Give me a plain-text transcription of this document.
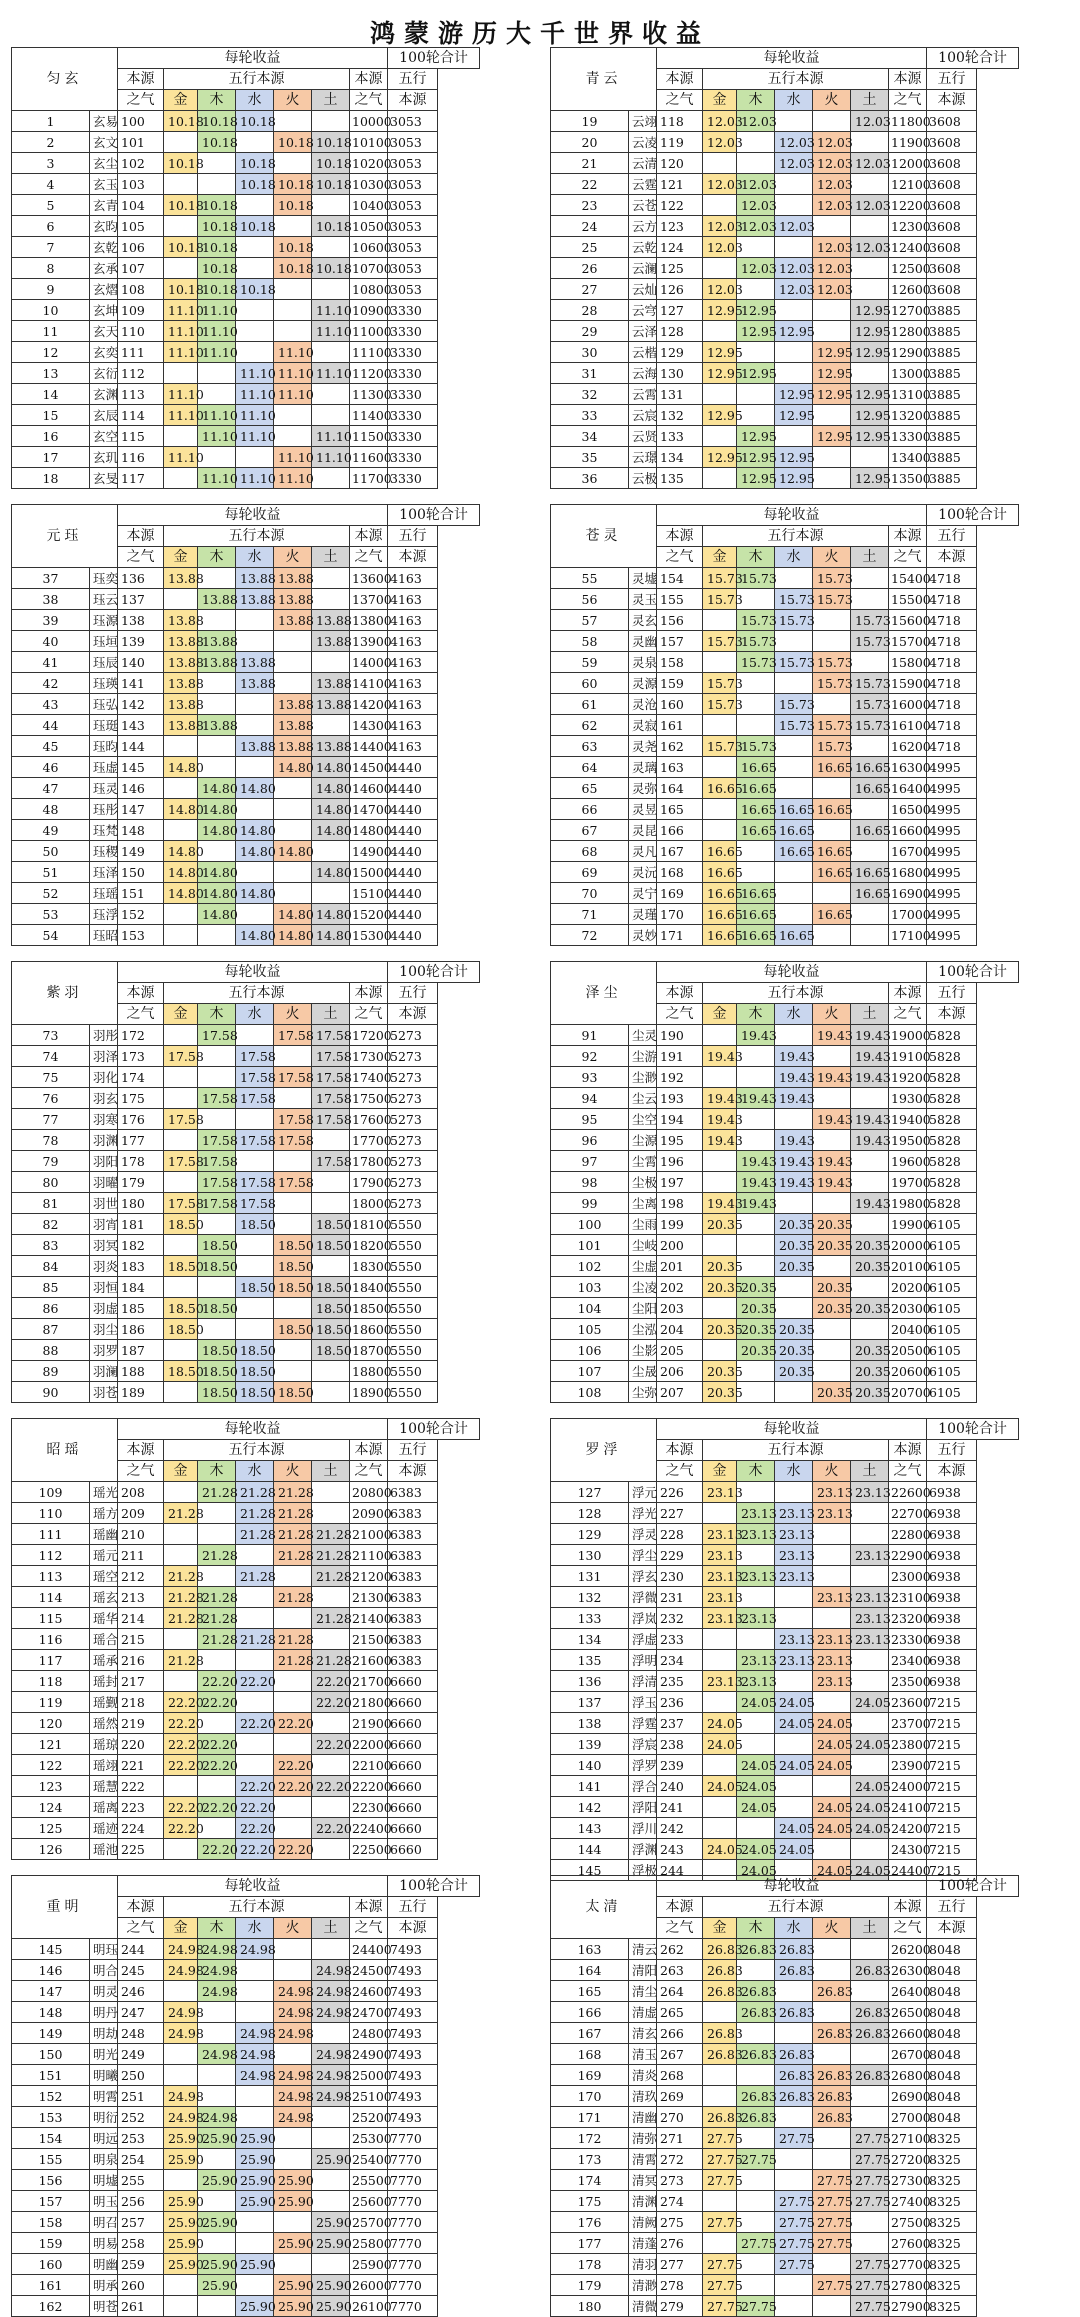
鸿蒙游历大千世界收益
匀玄		每轮收益							100轮合计
		本源	五行本源					本源	五行
		之气	金	木	水	火	土	之气	本源
1	玄易	100	10.18	10.18	10.18			10000	3053
2	玄文	101		10.18		10.18	10.18	10100	3053
3	玄尘	102	10.18		10.18		10.18	10200	3053
4	玄玉	103			10.18	10.18	10.18	10300	3053
5	玄青	104	10.18	10.18		10.18		10400	3053
6	玄昀	105		10.18	10.18		10.18	10500	3053
7	玄乾	106	10.18	10.18		10.18		10600	3053
8	玄承	107		10.18		10.18	10.18	10700	3053
9	玄熠	108	10.18	10.18	10.18			10800	3053
10	玄坤	109	11.10	11.10			11.10	10900	3330
11	玄天	110	11.10	11.10			11.10	11000	3330
12	玄奕	111	11.10	11.10		11.10		11100	3330
13	玄衍	112			11.10	11.10	11.10	11200	3330
14	玄渊	113	11.10		11.10	11.10		11300	3330
15	玄辰	114	11.10	11.10	11.10			11400	3330
16	玄空	115		11.10	11.10		11.10	11500	3330
17	玄玑	116	11.10			11.10	11.10	11600	3330
18	玄旻	117		11.10	11.10	11.10		11700	3330
青云		每轮收益							100轮合计
		本源	五行本源					本源	五行
		之气	金	木	水	火	土	之气	本源
19	云翊	118	12.03	12.03			12.03	11800	3608
20	云凌	119	12.03		12.03	12.03		11900	3608
21	云清	120			12.03	12.03	12.03	12000	3608
22	云霆	121	12.03	12.03		12.03		12100	3608
23	云苍	122		12.03		12.03	12.03	12200	3608
24	云方	123	12.03	12.03	12.03			12300	3608
25	云乾	124	12.03			12.03	12.03	12400	3608
26	云澜	125		12.03	12.03	12.03		12500	3608
27	云灿	126	12.03		12.03	12.03		12600	3608
28	云穹	127	12.95	12.95			12.95	12700	3885
29	云泽	128		12.95	12.95		12.95	12800	3885
30	云楷	129	12.95			12.95	12.95	12900	3885
31	云海	130	12.95	12.95		12.95		13000	3885
32	云霄	131			12.95	12.95	12.95	13100	3885
33	云宸	132	12.95		12.95		12.95	13200	3885
34	云贤	133		12.95		12.95	12.95	13300	3885
35	云璟	134	12.95	12.95	12.95			13400	3885
36	云极	135		12.95	12.95		12.95	13500	3885
元珏		每轮收益							100轮合计
		本源	五行本源					本源	五行
		之气	金	木	水	火	土	之气	本源
37	珏奕	136	13.88		13.88	13.88		13600	4163
38	珏云	137		13.88	13.88	13.88		13700	4163
39	珏源	138	13.88			13.88	13.88	13800	4163
40	珏垣	139	13.88	13.88			13.88	13900	4163
41	珏辰	140	13.88	13.88	13.88			14000	4163
42	珏瑛	141	13.88		13.88		13.88	14100	4163
43	珏弘	142	13.88			13.88	13.88	14200	4163
44	珏珽	143	13.88	13.88		13.88		14300	4163
45	珏昀	144			13.88	13.88	13.88	14400	4163
46	珏虚	145	14.80			14.80	14.80	14500	4440
47	珏灵	146		14.80	14.80		14.80	14600	4440
48	珏彤	147	14.80	14.80			14.80	14700	4440
49	珏梵	148		14.80	14.80		14.80	14800	4440
50	珏稷	149	14.80		14.80	14.80		14900	4440
51	珏泽	150	14.80	14.80			14.80	15000	4440
52	珏瑶	151	14.80	14.80	14.80			15100	4440
53	珏浮	152		14.80		14.80	14.80	15200	4440
54	珏昭	153			14.80	14.80	14.80	15300	4440
苍灵		每轮收益							100轮合计
		本源	五行本源					本源	五行
		之气	金	木	水	火	土	之气	本源
55	灵墟	154	15.73	15.73		15.73		15400	4718
56	灵玉	155	15.73		15.73	15.73		15500	4718
57	灵玄	156		15.73	15.73		15.73	15600	4718
58	灵幽	157	15.73	15.73			15.73	15700	4718
59	灵泉	158		15.73	15.73	15.73		15800	4718
60	灵源	159	15.73			15.73	15.73	15900	4718
61	灵沧	160	15.73		15.73		15.73	16000	4718
62	灵寂	161			15.73	15.73	15.73	16100	4718
63	灵尧	162	15.73	15.73		15.73		16200	4718
64	灵璃	163		16.65		16.65	16.65	16300	4995
65	灵弥	164	16.65	16.65			16.65	16400	4995
66	灵昱	165		16.65	16.65	16.65		16500	4995
67	灵昆	166		16.65	16.65		16.65	16600	4995
68	灵凡	167	16.65		16.65	16.65		16700	4995
69	灵沅	168	16.65			16.65	16.65	16800	4995
70	灵宁	169	16.65	16.65			16.65	16900	4995
71	灵瑾	170	16.65	16.65		16.65		17000	4995
72	灵妙	171	16.65	16.65	16.65			17100	4995
紫羽		每轮收益							100轮合计
		本源	五行本源					本源	五行
		之气	金	木	水	火	土	之气	本源
73	羽彤	172		17.58		17.58	17.58	17200	5273
74	羽泽	173	17.58		17.58		17.58	17300	5273
75	羽化	174			17.58	17.58	17.58	17400	5273
76	羽玄	175		17.58	17.58		17.58	17500	5273
77	羽寒	176	17.58			17.58	17.58	17600	5273
78	羽渊	177		17.58	17.58	17.58		17700	5273
79	羽阳	178	17.58	17.58			17.58	17800	5273
80	羽曜	179		17.58	17.58	17.58		17900	5273
81	羽世	180	17.58	17.58	17.58			18000	5273
82	羽宵	181	18.50		18.50		18.50	18100	5550
83	羽冥	182		18.50		18.50	18.50	18200	5550
84	羽炎	183	18.50	18.50		18.50		18300	5550
85	羽恒	184			18.50	18.50	18.50	18400	5550
86	羽虚	185	18.50	18.50			18.50	18500	5550
87	羽尘	186	18.50			18.50	18.50	18600	5550
88	羽罗	187		18.50	18.50		18.50	18700	5550
89	羽澜	188	18.50	18.50	18.50			18800	5550
90	羽苍	189		18.50	18.50	18.50		18900	5550
泽尘		每轮收益							100轮合计
		本源	五行本源					本源	五行
		之气	金	木	水	火	土	之气	本源
91	尘灵	190		19.43		19.43	19.43	19000	5828
92	尘游	191	19.43		19.43		19.43	19100	5828
93	尘渺	192			19.43	19.43	19.43	19200	5828
94	尘云	193	19.43	19.43	19.43			19300	5828
95	尘空	194	19.43			19.43	19.43	19400	5828
96	尘源	195	19.43		19.43		19.43	19500	5828
97	尘霄	196		19.43	19.43	19.43		19600	5828
98	尘极	197		19.43	19.43	19.43		19700	5828
99	尘离	198	19.43	19.43			19.43	19800	5828
100	尘雨	199	20.35		20.35	20.35		19900	6105
101	尘岐	200			20.35	20.35	20.35	20000	6105
102	尘虚	201	20.35		20.35		20.35	20100	6105
103	尘凌	202	20.35	20.35		20.35		20200	6105
104	尘阳	203		20.35		20.35	20.35	20300	6105
105	尘泓	204	20.35	20.35	20.35			20400	6105
106	尘影	205		20.35	20.35		20.35	20500	6105
107	尘晟	206	20.35		20.35		20.35	20600	6105
108	尘弥	207	20.35			20.35	20.35	20700	6105
昭瑶		每轮收益							100轮合计
		本源	五行本源					本源	五行
		之气	金	木	水	火	土	之气	本源
109	瑶光	208		21.28	21.28	21.28		20800	6383
110	瑶方	209	21.28		21.28	21.28		20900	6383
111	瑶幽	210			21.28	21.28	21.28	21000	6383
112	瑶元	211		21.28		21.28	21.28	21100	6383
113	瑶空	212	21.28		21.28		21.28	21200	6383
114	瑶玄	213	21.28	21.28		21.28		21300	6383
115	瑶华	214	21.28	21.28			21.28	21400	6383
116	瑶合	215		21.28	21.28	21.28		21500	6383
117	瑶承	216	21.28			21.28	21.28	21600	6383
118	瑶封	217		22.20	22.20		22.20	21700	6660
119	瑶觐	218	22.20	22.20			22.20	21800	6660
120	瑶然	219	22.20		22.20	22.20		21900	6660
121	瑶琼	220	22.20	22.20			22.20	22000	6660
122	瑶翊	221	22.20	22.20		22.20		22100	6660
123	瑶慧	222			22.20	22.20	22.20	22200	6660
124	瑶离	223	22.20	22.20	22.20			22300	6660
125	瑶迹	224	22.20		22.20		22.20	22400	6660
126	瑶池	225		22.20	22.20	22.20		22500	6660
罗浮		每轮收益							100轮合计
		本源	五行本源					本源	五行
		之气	金	木	水	火	土	之气	本源
127	浮元	226	23.13			23.13	23.13	22600	6938
128	浮光	227		23.13	23.13	23.13		22700	6938
129	浮灵	228	23.13	23.13	23.13			22800	6938
130	浮尘	229	23.13		23.13		23.13	22900	6938
131	浮玄	230	23.13	23.13	23.13			23000	6938
132	浮微	231	23.13			23.13	23.13	23100	6938
133	浮岚	232	23.13	23.13			23.13	23200	6938
134	浮虚	233			23.13	23.13	23.13	23300	6938
135	浮明	234		23.13	23.13	23.13		23400	6938
136	浮清	235	23.13	23.13		23.13		23500	6938
137	浮玉	236		24.05	24.05		24.05	23600	7215
138	浮霆	237	24.05		24.05	24.05		23700	7215
139	浮宸	238	24.05			24.05	24.05	23800	7215
140	浮罗	239		24.05	24.05	24.05		23900	7215
141	浮合	240	24.05	24.05			24.05	24000	7215
142	浮阳	241		24.05		24.05	24.05	24100	7215
143	浮川	242			24.05	24.05	24.05	24200	7215
144	浮渊	243	24.05	24.05	24.05			24300	7215
145	浮极	244		24.05		24.05	24.05	24400	7215
重明		每轮收益							100轮合计
		本源	五行本源					本源	五行
		之气	金	木	水	火	土	之气	本源
145	明珏	244	24.98	24.98	24.98			24400	7493
146	明合	245	24.98	24.98			24.98	24500	7493
147	明灵	246		24.98		24.98	24.98	24600	7493
148	明丹	247	24.98			24.98	24.98	24700	7493
149	明劫	248	24.98		24.98	24.98		24800	7493
150	明光	249		24.98	24.98		24.98	24900	7493
151	明曦	250			24.98	24.98	24.98	25000	7493
152	明霄	251	24.98			24.98	24.98	25100	7493
153	明衍	252	24.98	24.98		24.98		25200	7493
154	明远	253	25.90	25.90	25.90			25300	7770
155	明泉	254	25.90		25.90		25.90	25400	7770
156	明墟	255		25.90	25.90	25.90		25500	7770
157	明玉	256	25.90		25.90	25.90		25600	7770
158	明召	257	25.90	25.90			25.90	25700	7770
159	明易	258	25.90			25.90	25.90	25800	7770
160	明幽	259	25.90	25.90	25.90			25900	7770
161	明承	260		25.90		25.90	25.90	26000	7770
162	明苍	261			25.90	25.90	25.90	26100	7770
太清		每轮收益							100轮合计
		本源	五行本源					本源	五行
		之气	金	木	水	火	土	之气	本源
163	清云	262	26.83	26.83	26.83			26200	8048
164	清阳	263	26.83		26.83		26.83	26300	8048
165	清尘	264	26.83	26.83		26.83		26400	8048
166	清虚	265		26.83	26.83		26.83	26500	8048
167	清玄	266	26.83			26.83	26.83	26600	8048
168	清玉	267	26.83	26.83	26.83			26700	8048
169	清炎	268			26.83	26.83	26.83	26800	8048
170	清玖	269		26.83	26.83	26.83		26900	8048
171	清幽	270	26.83	26.83		26.83		27000	8048
172	清弥	271	27.75		27.75		27.75	27100	8325
173	清霄	272	27.75	27.75			27.75	27200	8325
174	清冥	273	27.75			27.75	27.75	27300	8325
175	清渊	274			27.75	27.75	27.75	27400	8325
176	清阙	275	27.75		27.75	27.75		27500	8325
177	清蓬	276		27.75	27.75	27.75		27600	8325
178	清羽	277	27.75		27.75		27.75	27700	8325
179	清渺	278	27.75			27.75	27.75	27800	8325
180	清微	279	27.75	27.75			27.75	27900	8325
